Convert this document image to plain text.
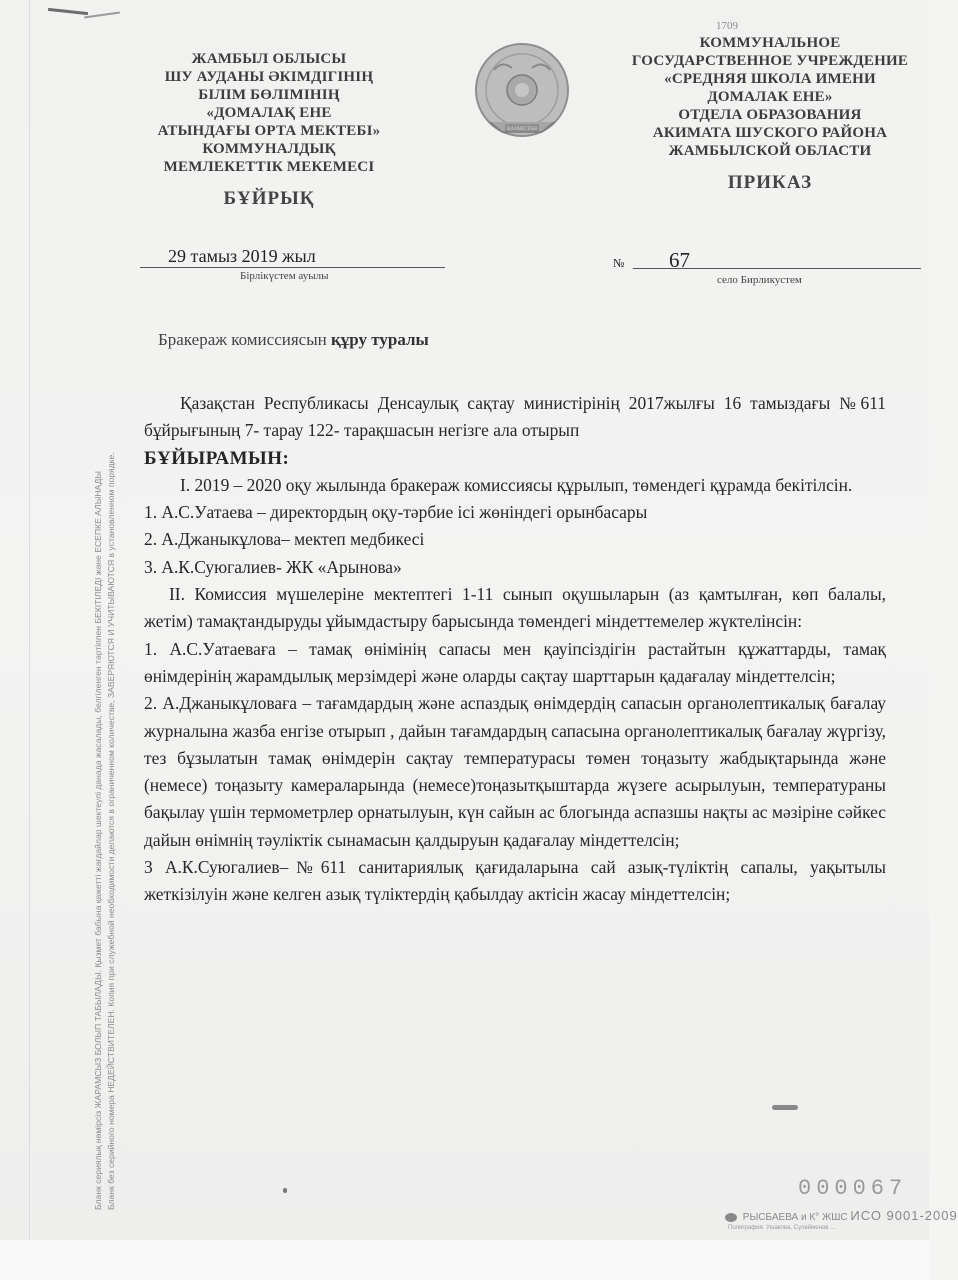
1709
ЖАМБЫЛ ОБЛЫСЫ
ШУ АУДАНЫ ӘКІМДІГІНІҢ
БІЛІМ БӨЛІМІНІҢ
«ДОМАЛАҚ ЕНЕ
АТЫНДАҒЫ ОРТА МЕКТЕБІ»
КОММУНАЛДЫҚ
МЕМЛЕКЕТТІК МЕКЕМЕСІ
БҰЙРЫҚ
ҚАЗАҚСТАН
КОММУНАЛЬНОЕ
ГОСУДАРСТВЕННОЕ УЧРЕЖДЕНИЕ
«СРЕДНЯЯ ШКОЛА ИМЕНИ
ДОМАЛАК ЕНЕ»
ОТДЕЛА ОБРАЗОВАНИЯ
АКИМАТА ШУСКОГО РАЙОНА
ЖАМБЫЛСКОЙ ОБЛАСТИ
ПРИКАЗ
29 тамыз 2019 жыл
Бірлікүстем ауылы
№ 67
село Бирликустем
Бракераж комиссиясын құру туралы

Қазақстан Республикасы Денсаулық сақтау министірінің 2017жылғы 16 тамыздағы №611 бұйрығының 7- тарау 122- тарақшасын негізге ала отырып

БҰЙЫРАМЫН:

I. 2019 – 2020 оқу жылында бракераж комиссиясы құрылып, төмендегі құрамда бекітілсін.

1. А.С.Уатаева – директордың оқу-тәрбие ісі жөніндегі орынбасары

2. А.Джаныкұлова– мектеп медбикесі

3. А.К.Суюгалиев- ЖК «Арынова»

II. Комиссия мүшелеріне мектептегі 1-11 сынып оқушыларын (аз қамтылған, көп балалы, жетім) тамақтандыруды ұйымдастыру барысында төмендегі міндеттемелер жүктелінсін:

1. А.С.Уатаеваға – тамақ өнімінің сапасы мен қауіпсіздігін растайтын құжаттарды, тамақ өнімдерінің жарамдылық мерзімдері және оларды сақтау шарттарын қадағалау міндеттелсін;

2. А.Джаныкұловаға – тағамдардың және аспаздық өнімдердің сапасын органолептикалық бағалау журналына жазба енгізе отырып , дайын тағамдардың сапасына органолептикалық бағалау жүргізу, тез бұзылатын тамақ өнімдерін сақтау температурасы төмен тоңазыту жабдықтарында және (немесе) тоңазыту камераларында (немесе)тоңазытқыштарда жүзеге асырылуын, температураны бақылау үшін термометрлер орнатылуын, күн сайын ас блогында аспазшы нақты ас мәзіріне сәйкес дайын өнімнің тәуліктік сынамасын қалдыруын қадағалау міндеттелсін;

3 А.К.Суюгалиев–№611 санитариялық қағидаларына сай азық-түліктің сапалы, уақытылы жеткізілуін және келген азық түліктердің қабылдау актісін жасау міндеттелсін;

Бланк сериялық нөмірсіз ЖАРАМСЫЗ БОЛЫП ТАБЫЛАДЫ. Қызмет бабына қажетті жағдайлар шектеулі данада жасалады, белгіленген тәртіппен БЕКІТІЛЕДІ және ЕСЕПКЕ АЛЫНАДЫ Бланк без серийного номера НЕДЕЙСТВИТЕЛЕН. Копия при служебной необходимости делаются в ограниченном количестве, ЗАВЕРЯЮТСЯ И УЧИТЫВАЮТСЯ в установленном порядке.	000067
РЫСБАЕВА и К° ЖШС ИСО 9001-2009
Полиграфия. Ушакова, Сүлейменов ...
